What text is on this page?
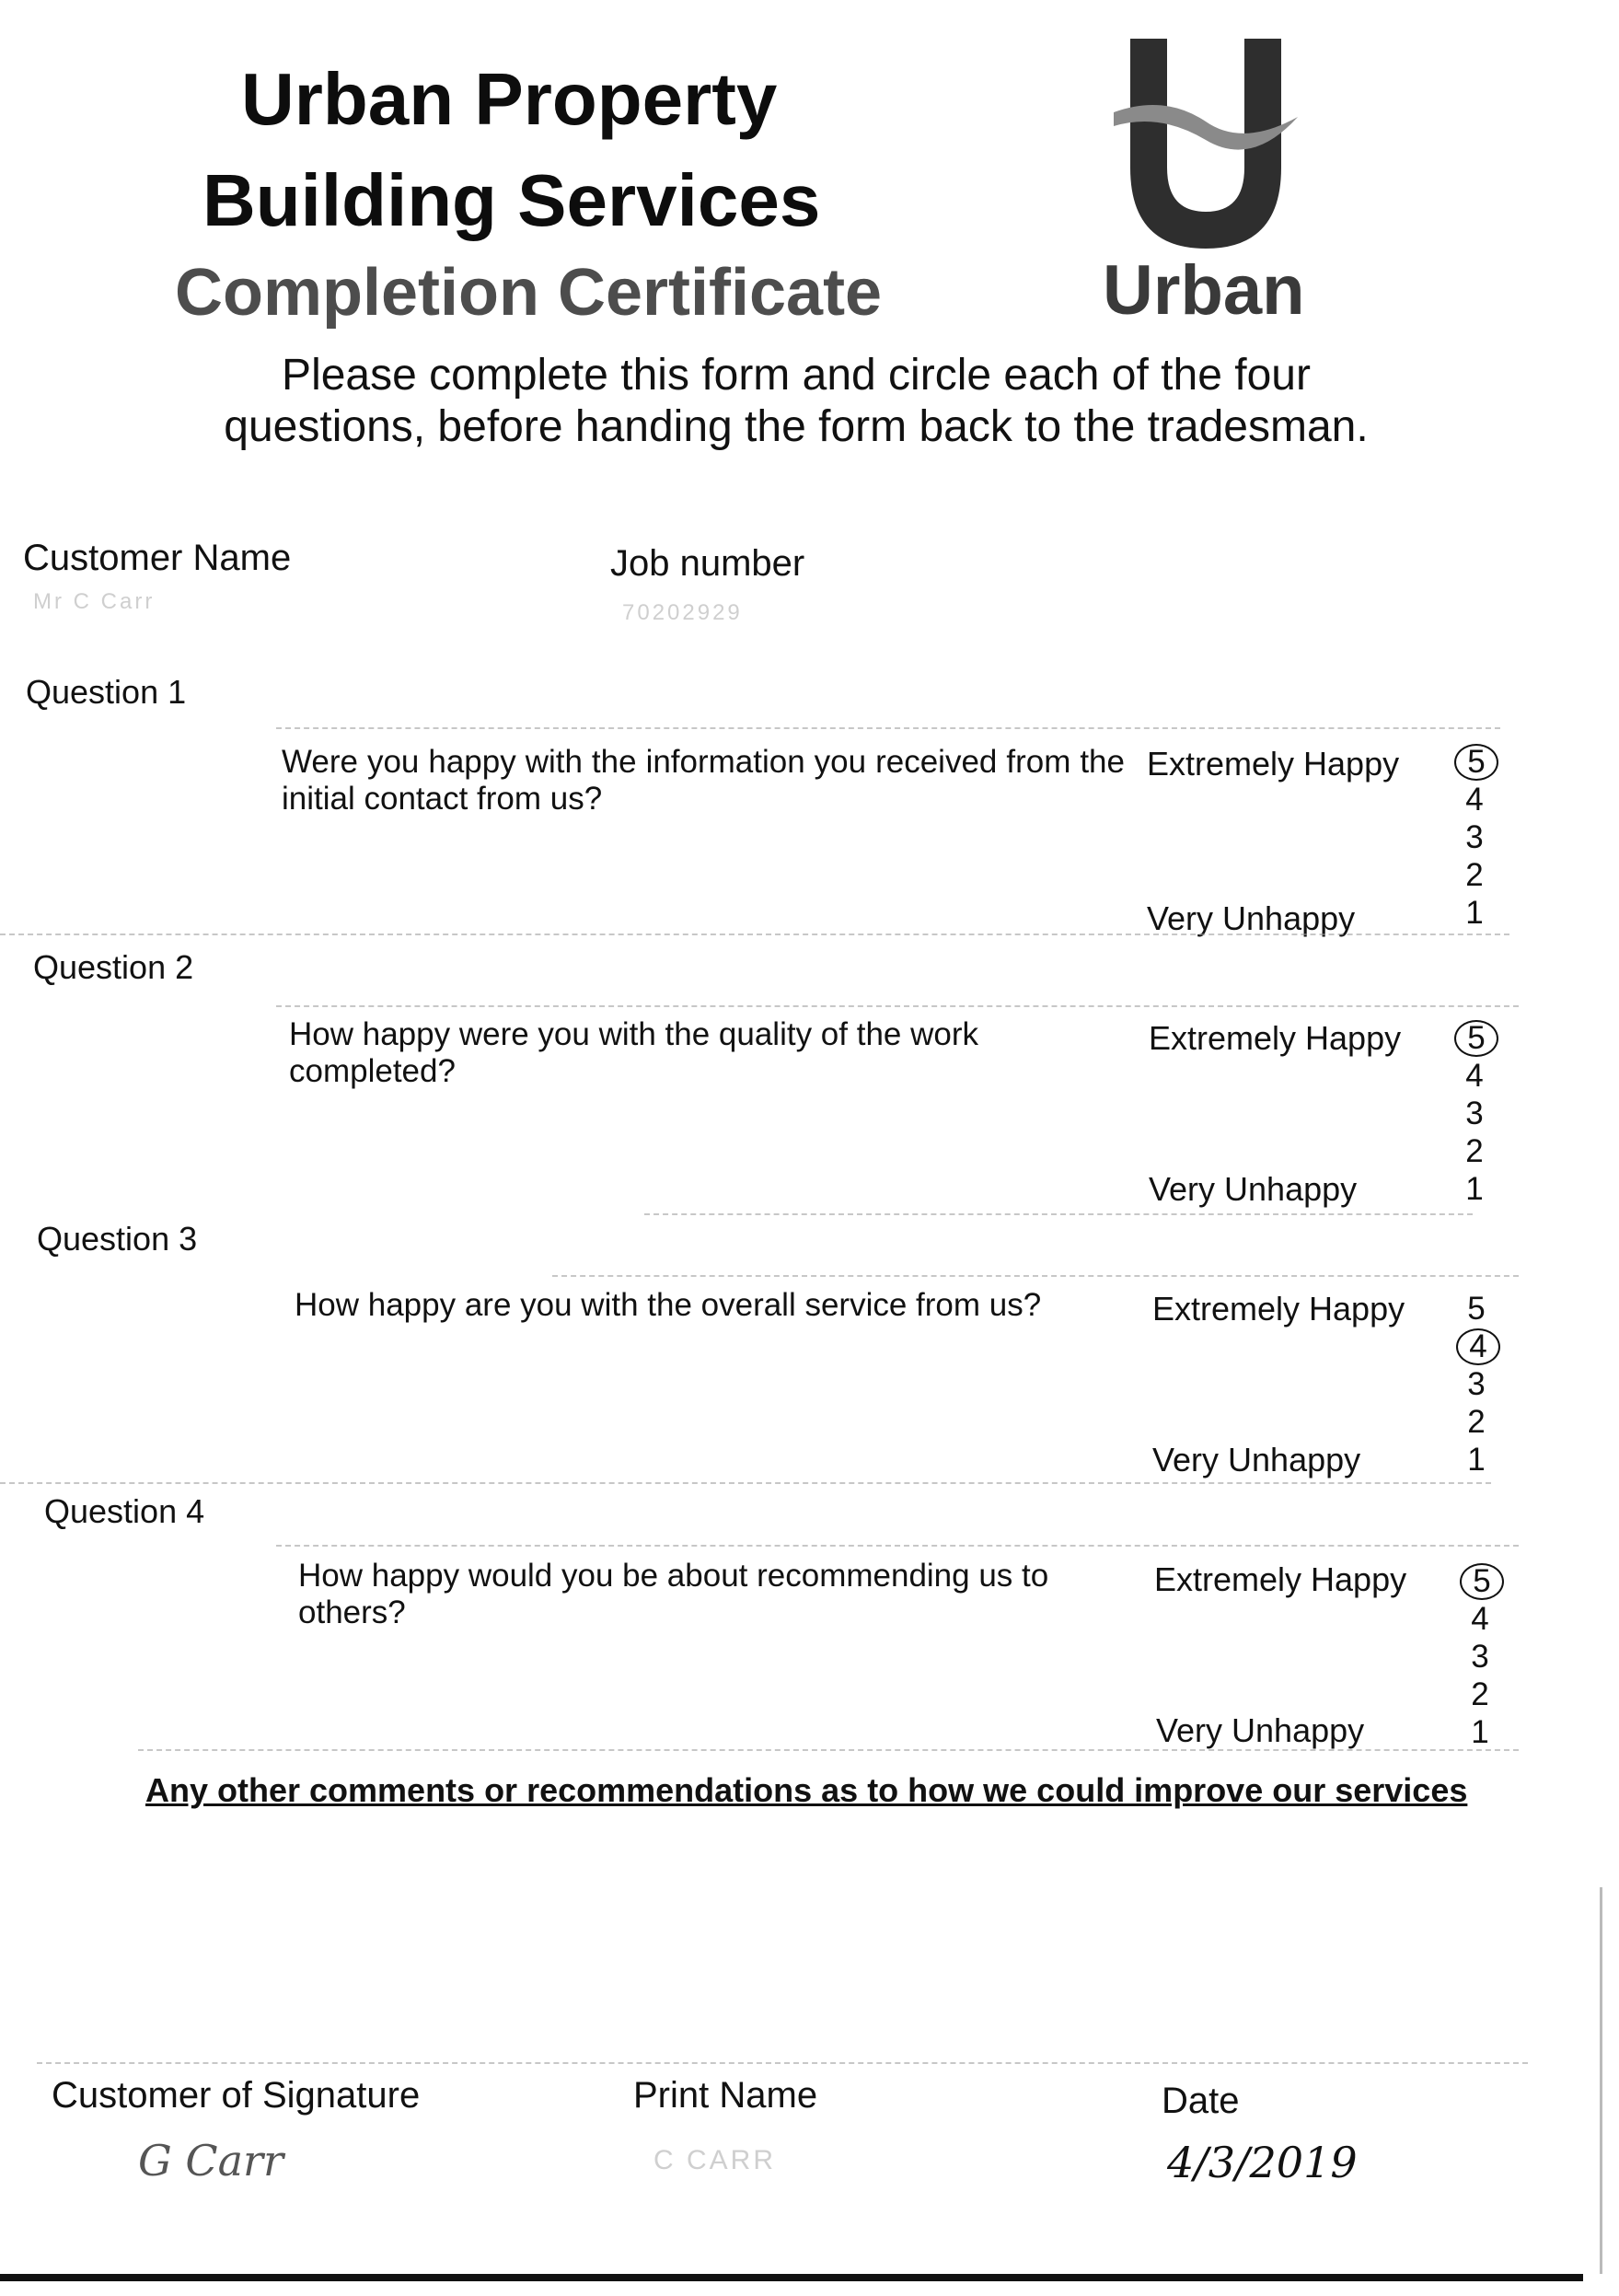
Urban Property
Building Services
Completion Certificate	Urban
Please complete this form and circle each of the four
questions, before handing the form back to the tradesman.
Customer Name
Mr C Carr
Job number
70202929
Question 1
Were you happy with the information you received from the initial contact from us?
Extremely Happy
Very Unhappy
5
4
3
2
1
Question 2
How happy were you with the quality of the work completed?
Extremely Happy
Very Unhappy
5
4
3
2
1
Question 3
How happy are you with the overall service from us?	Extremely Happy
Very Unhappy
5
4
3
2
1
Question 4
How happy would you be about recommending us to others?
Extremely Happy
Very Unhappy
5
4
3
2
1
Any other comments or recommendations as to how we could improve our services
Customer of Signature	Print Name	Date
G Carr	C CARR	4/3/2019
